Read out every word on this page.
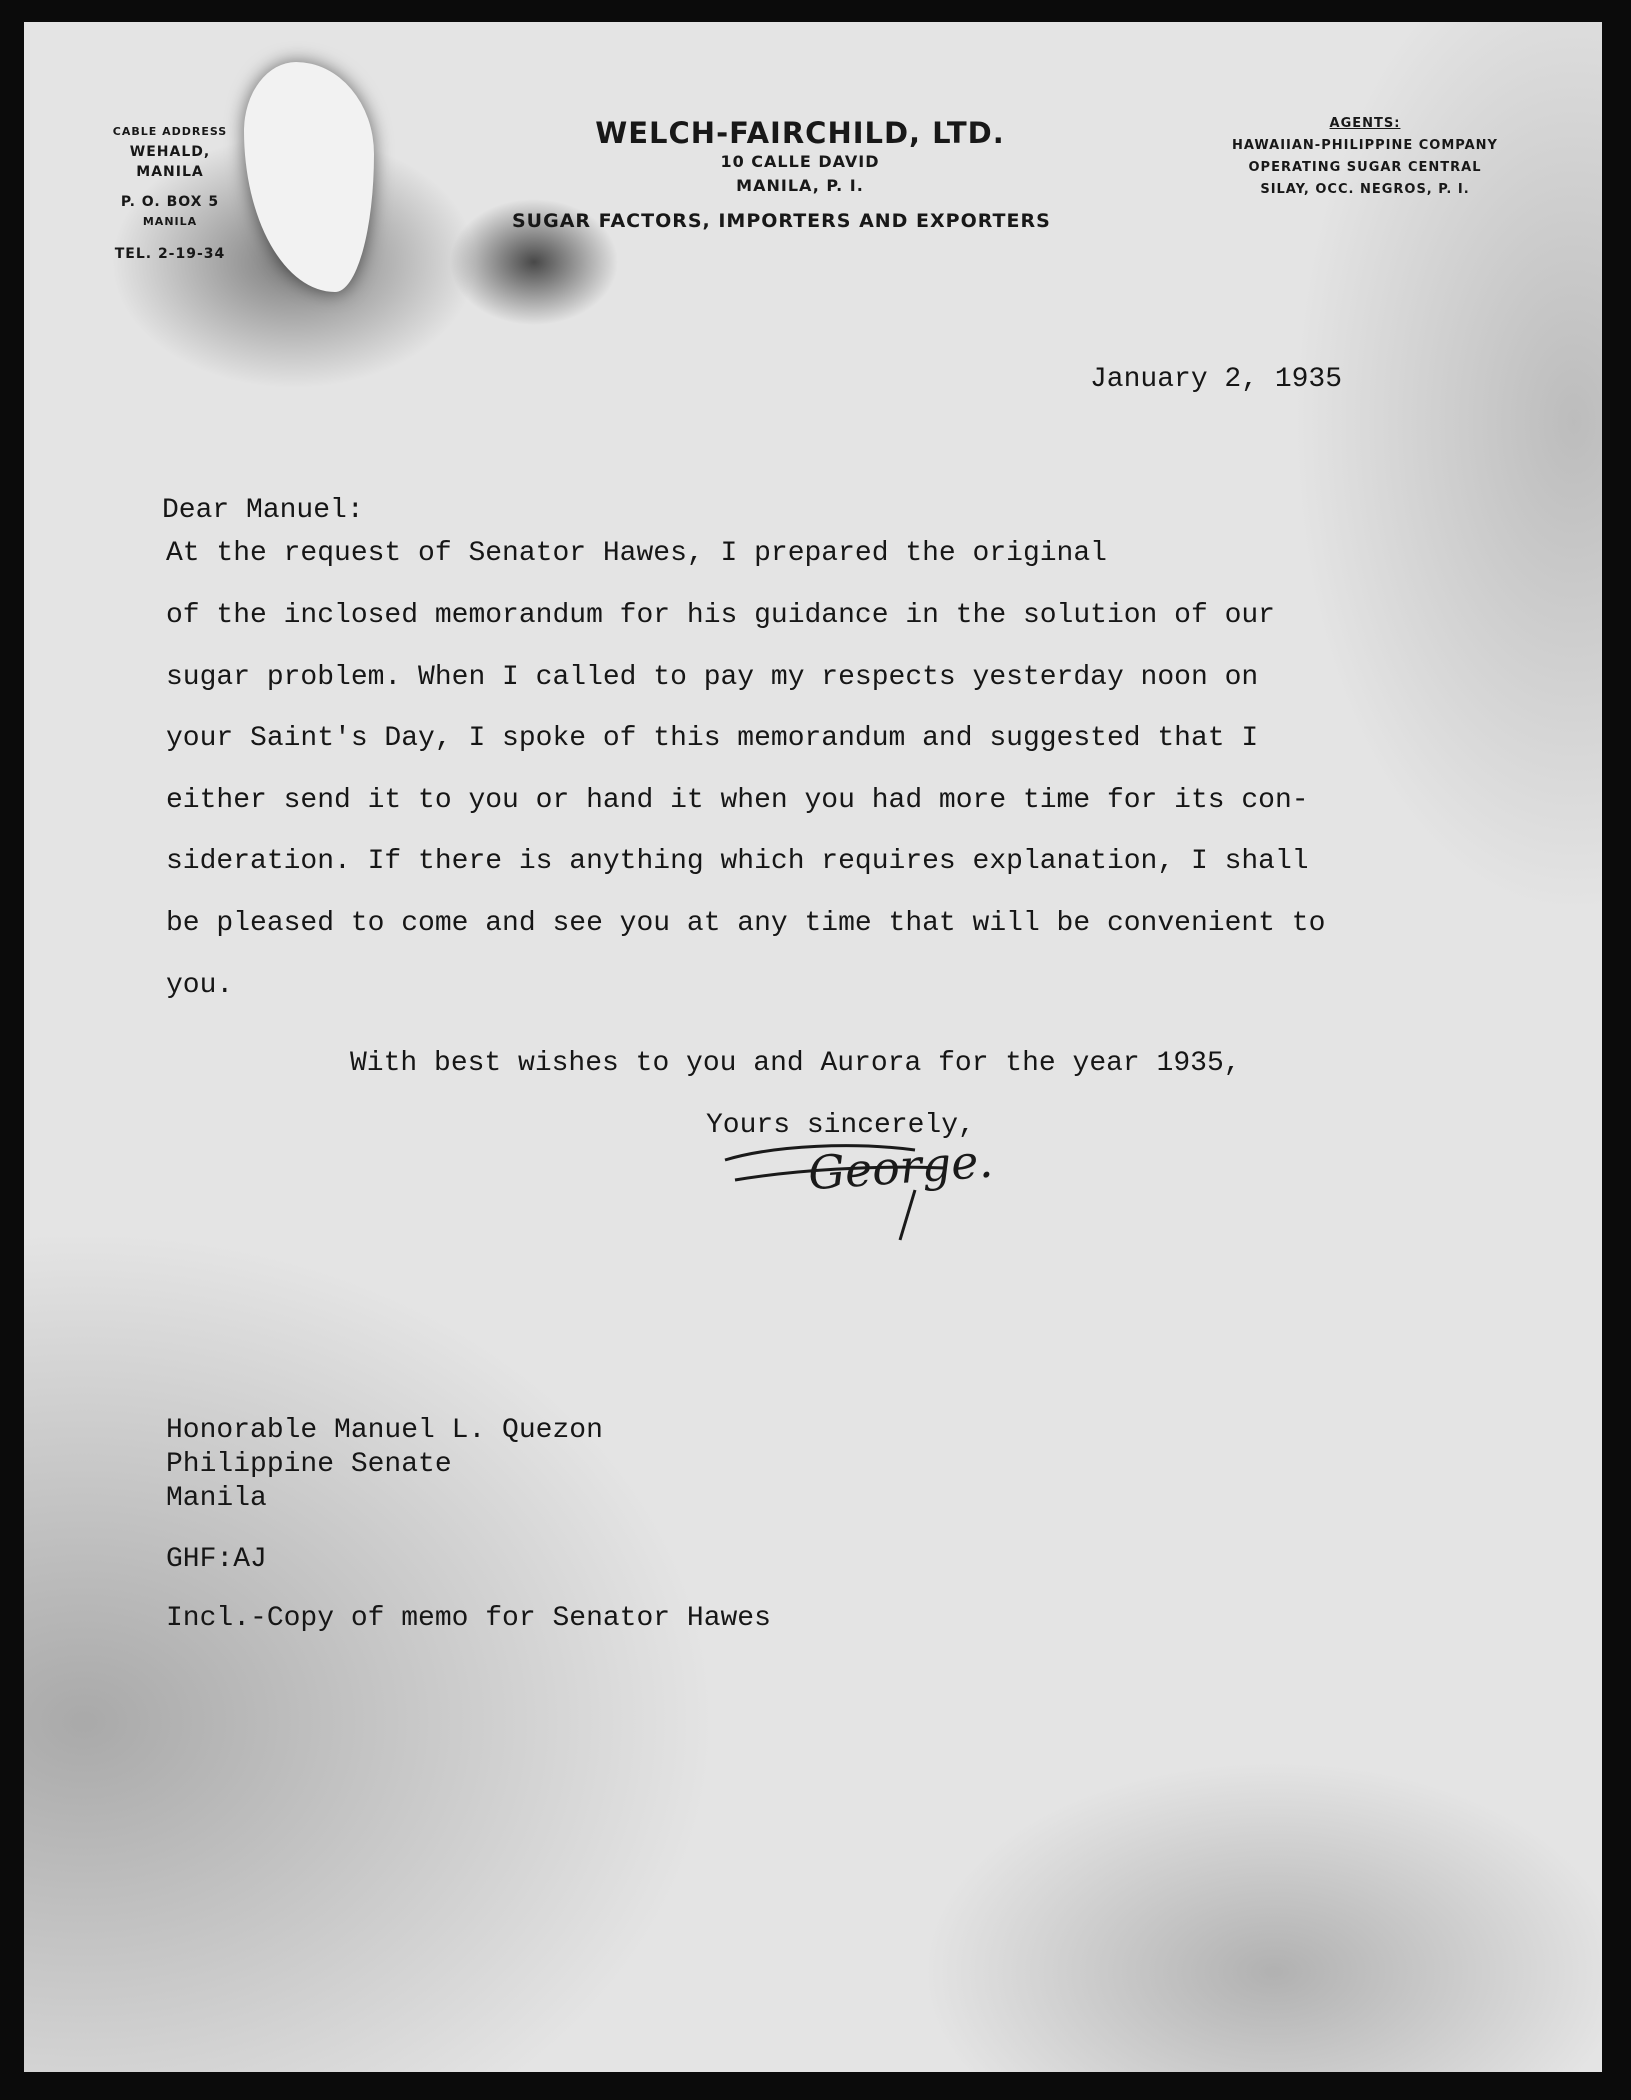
CABLE ADDRESS
WEHALD, MANILA
P. O. BOX 5
MANILA
TEL. 2-19-34
WELCH-FAIRCHILD, LTD.
10 CALLE DAVID
MANILA, P. I.
SUGAR FACTORS, IMPORTERS AND EXPORTERS
AGENTS:
HAWAIIAN-PHILIPPINE COMPANY
OPERATING SUGAR CENTRAL
SILAY, OCC. NEGROS, P. I.
January 2, 1935
Dear Manuel:
At the request of Senator Hawes, I prepared the original
of the inclosed memorandum for his guidance in the solution of our
sugar problem. When I called to pay my respects yesterday noon on
your Saint's Day, I spoke of this memorandum and suggested that I
either send it to you or hand it when you had more time for its con-
sideration. If there is anything which requires explanation, I shall
be pleased to come and see you at any time that will be convenient to
you.
With best wishes to you and Aurora for the year 1935,
Yours sincerely,
George.
Honorable Manuel L. Quezon
Philippine Senate
Manila
GHF:AJ
Incl.-Copy of memo for Senator Hawes
